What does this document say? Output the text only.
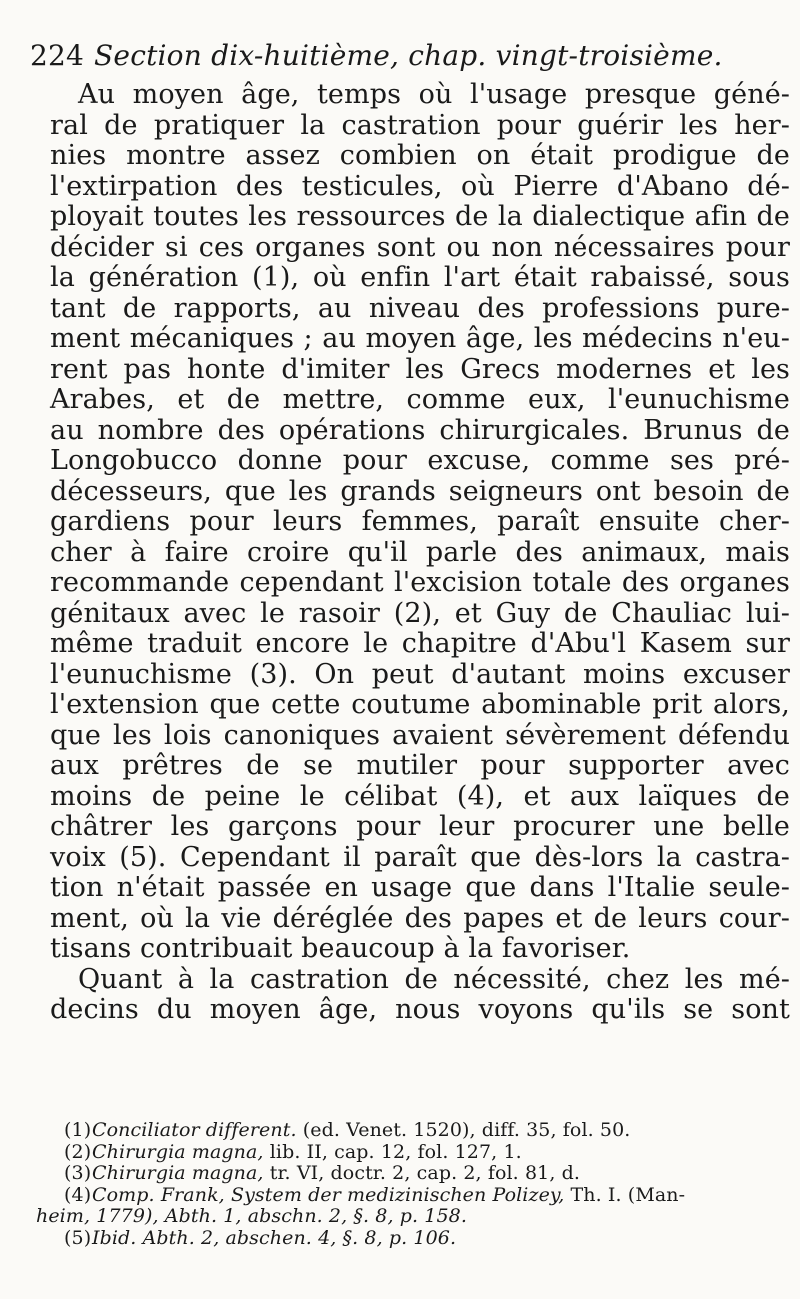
224 Section dix-huitième, chap. vingt-troisième.
Au moyen âge, temps où l'usage presque géné-
ral de pratiquer la castration pour guérir les her-
nies montre assez combien on était prodigue de
l'extirpation des testicules, où Pierre d'Abano dé-
ployait toutes les ressources de la dialectique afin de
décider si ces organes sont ou non nécessaires pour
la génération (1), où enfin l'art était rabaissé, sous
tant de rapports, au niveau des professions pure-
ment mécaniques ; au moyen âge, les médecins n'eu-
rent pas honte d'imiter les Grecs modernes et les
Arabes, et de mettre, comme eux, l'eunuchisme
au nombre des opérations chirurgicales. Brunus de
Longobucco donne pour excuse, comme ses pré-
décesseurs, que les grands seigneurs ont besoin de
gardiens pour leurs femmes, paraît ensuite cher-
cher à faire croire qu'il parle des animaux, mais
recommande cependant l'excision totale des organes
génitaux avec le rasoir (2), et Guy de Chauliac lui-
même traduit encore le chapitre d'Abu'l Kasem sur
l'eunuchisme (3). On peut d'autant moins excuser
l'extension que cette coutume abominable prit alors,
que les lois canoniques avaient sévèrement défendu
aux prêtres de se mutiler pour supporter avec
moins de peine le célibat (4), et aux laïques de
châtrer les garçons pour leur procurer une belle
voix (5). Cependant il paraît que dès-lors la castra-
tion n'était passée en usage que dans l'Italie seule-
ment, où la vie déréglée des papes et de leurs cour-
tisans contribuait beaucoup à la favoriser.
Quant à la castration de nécessité, chez les mé-
decins du moyen âge, nous voyons qu'ils se sont
(1)Conciliator different. (ed. Venet. 1520), diff. 35, fol. 50.
(2)Chirurgia magna, lib. II, cap. 12, fol. 127, 1.
(3)Chirurgia magna, tr. VI, doctr. 2, cap. 2, fol. 81, d.
(4)Comp. Frank, System der medizinischen Polizey, Th. I. (Man-
heim, 1779), Abth. 1, abschn. 2, §. 8, p. 158.
(5)Ibid. Abth. 2, abschen. 4, §. 8, p. 106.
